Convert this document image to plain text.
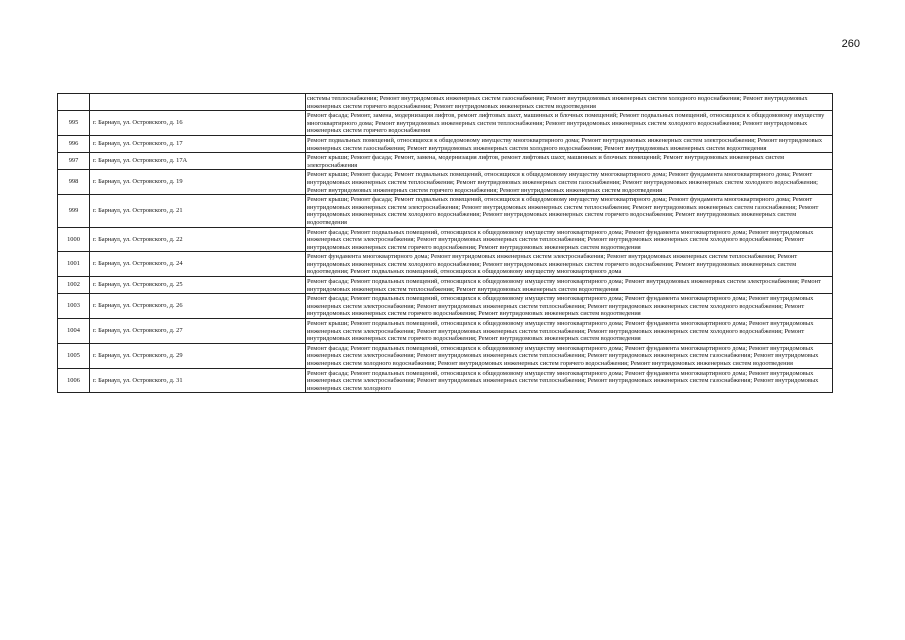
260
		системы теплоснабжения; Ремонт внутридомовых инженерных систем газоснабжения; Ремонт внутридомовых инженерных систем холодного водоснабжения; Ремонт внутридомовых инженерных систем горячего водоснабжения; Ремонт внутридомовых инженерных систем водоотведения
995	г. Барнаул, ул. Островского, д. 16	Ремонт фасада; Ремонт, замена, модернизация лифтов, ремонт лифтовых шахт, машинных и блочных помещений; Ремонт подвальных помещений, относящихся к общедомовому имуществу многоквартирного дома; Ремонт внутридомовых инженерных систем теплоснабжения; Ремонт внутридомовых инженерных систем холодного водоснабжения; Ремонт внутридомовых инженерных систем горячего водоснабжения
996	г. Барнаул, ул. Островского, д. 17	Ремонт подвальных помещений, относящихся к общедомовому имуществу многоквартирного дома; Ремонт внутридомовых инженерных систем электроснабжения; Ремонт внутридомовых инженерных систем газоснабжения; Ремонт внутридомовых инженерных систем холодного водоснабжения; Ремонт внутридомовых инженерных систем водоотведения
997	г. Барнаул, ул. Островского, д. 17А	Ремонт крыши; Ремонт фасада; Ремонт, замена, модернизация лифтов, ремонт лифтовых шахт, машинных и блочных помещений; Ремонт внутридомовых инженерных систем электроснабжения
998	г. Барнаул, ул. Островского, д. 19	Ремонт крыши; Ремонт фасада; Ремонт подвальных помещений, относящихся к общедомовому имуществу многоквартирного дома; Ремонт фундамента многоквартирного дома; Ремонт внутридомовых инженерных систем теплоснабжения; Ремонт внутридомовых инженерных систем газоснабжения; Ремонт внутридомовых инженерных систем холодного водоснабжения; Ремонт внутридомовых инженерных систем горячего водоснабжения; Ремонт внутридомовых инженерных систем водоотведения
999	г. Барнаул, ул. Островского, д. 21	Ремонт крыши; Ремонт фасада; Ремонт подвальных помещений, относящихся к общедомовому имуществу многоквартирного дома; Ремонт фундамента многоквартирного дома; Ремонт внутридомовых инженерных систем электроснабжения; Ремонт внутридомовых инженерных систем теплоснабжения; Ремонт внутридомовых инженерных систем газоснабжения; Ремонт внутридомовых инженерных систем холодного водоснабжения; Ремонт внутридомовых инженерных систем горячего водоснабжения; Ремонт внутридомовых инженерных систем водоотведения
1000	г. Барнаул, ул. Островского, д. 22	Ремонт фасада; Ремонт подвальных помещений, относящихся к общедомовому имуществу многоквартирного дома; Ремонт фундамента многоквартирного дома; Ремонт внутридомовых инженерных систем электроснабжения; Ремонт внутридомовых инженерных систем теплоснабжения; Ремонт внутридомовых инженерных систем холодного водоснабжения; Ремонт внутридомовых инженерных систем горячего водоснабжения; Ремонт внутридомовых инженерных систем водоотведения
1001	г. Барнаул, ул. Островского, д. 24	Ремонт фундамента многоквартирного дома; Ремонт внутридомовых инженерных систем электроснабжения; Ремонт внутридомовых инженерных систем теплоснабжения; Ремонт внутридомовых инженерных систем холодного водоснабжения; Ремонт внутридомовых инженерных систем горячего водоснабжения; Ремонт внутридомовых инженерных систем водоотведения; Ремонт подвальных помещений, относящихся к общедомовому имуществу многоквартирного дома
1002	г. Барнаул, ул. Островского, д. 25	Ремонт фасада; Ремонт подвальных помещений, относящихся к общедомовому имуществу многоквартирного дома; Ремонт внутридомовых инженерных систем электроснабжения; Ремонт внутридомовых инженерных систем теплоснабжения; Ремонт внутридомовых инженерных систем водоотведения
1003	г. Барнаул, ул. Островского, д. 26	Ремонт фасада; Ремонт подвальных помещений, относящихся к общедомовому имуществу многоквартирного дома; Ремонт фундамента многоквартирного дома; Ремонт внутридомовых инженерных систем электроснабжения; Ремонт внутридомовых инженерных систем теплоснабжения; Ремонт внутридомовых инженерных систем холодного водоснабжения; Ремонт внутридомовых инженерных систем горячего водоснабжения; Ремонт внутридомовых инженерных систем водоотведения
1004	г. Барнаул, ул. Островского, д. 27	Ремонт крыши; Ремонт подвальных помещений, относящихся к общедомовому имуществу многоквартирного дома; Ремонт фундамента многоквартирного дома; Ремонт внутридомовых инженерных систем электроснабжения; Ремонт внутридомовых инженерных систем теплоснабжения; Ремонт внутридомовых инженерных систем холодного водоснабжения; Ремонт внутридомовых инженерных систем горячего водоснабжения; Ремонт внутридомовых инженерных систем водоотведения
1005	г. Барнаул, ул. Островского, д. 29	Ремонт фасада; Ремонт подвальных помещений, относящихся к общедомовому имуществу многоквартирного дома; Ремонт фундамента многоквартирного дома; Ремонт внутридомовых инженерных систем электроснабжения; Ремонт внутридомовых инженерных систем теплоснабжения; Ремонт внутридомовых инженерных систем газоснабжения; Ремонт внутридомовых инженерных систем холодного водоснабжения; Ремонт внутридомовых инженерных систем горячего водоснабжения; Ремонт внутридомовых инженерных систем водоотведения
1006	г. Барнаул, ул. Островского, д. 31	Ремонт фасада; Ремонт подвальных помещений, относящихся к общедомовому имуществу многоквартирного дома; Ремонт фундамента многоквартирного дома; Ремонт внутридомовых инженерных систем электроснабжения; Ремонт внутридомовых инженерных систем теплоснабжения; Ремонт внутридомовых инженерных систем газоснабжения; Ремонт внутридомовых инженерных систем холодного
